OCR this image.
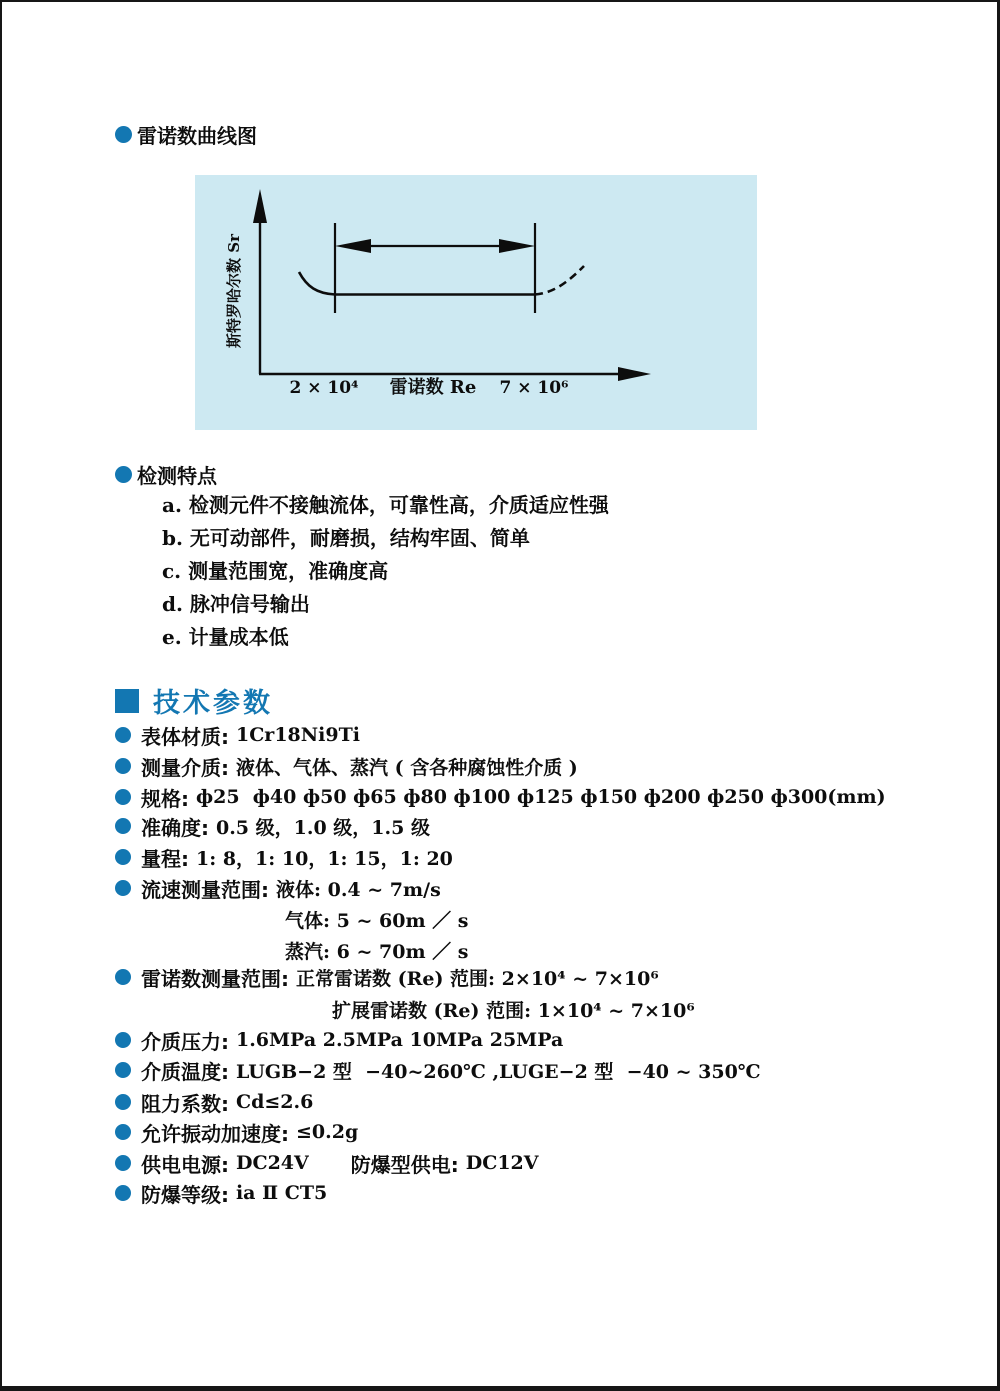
雷诺数曲线图
2 × 10⁴ 雷诺数 Re 7 × 10⁶
斯特罗哈尔数 Sr
检测特点
a. 检测元件不接触流体，可靠性高，介质适应性强
b. 无可动部件，耐磨损，结构牢固、简单
c. 测量范围宽，准确度高
d. 脉冲信号输出
e. 计量成本低
技术参数
表体材质: 1Cr18Ni9Ti
测量介质: 液体、气体、蒸汽 ( 含各种腐蚀性介质 )
规格: ф25  ф40 ф50 ф65 ф80 ф100 ф125 ф150 ф200 ф250 ф300(mm)
准确度: 0.5 级，1.0 级，1.5 级
量程: 1: 8，1: 10，1: 15，1: 20
流速测量范围: 液体: 0.4 ~ 7m/s
气体: 5 ~ 60m ／ s
蒸汽: 6 ~ 70m ／ s
雷诺数测量范围: 正常雷诺数 (Re) 范围: 2×10⁴ ~ 7×10⁶
扩展雷诺数 (Re) 范围: 1×10⁴ ~ 7×10⁶
介质压力: 1.6MPa 2.5MPa 10MPa 25MPa
介质温度: LUGB−2 型  −40~260℃ ,LUGE−2 型  −40 ~ 350℃
阻力系数: Cd≤2.6
允许振动加速度: ≤0.2g
供电电源: DC24V 防爆型供电: DC12V
防爆等级: ia Ⅱ CT5
